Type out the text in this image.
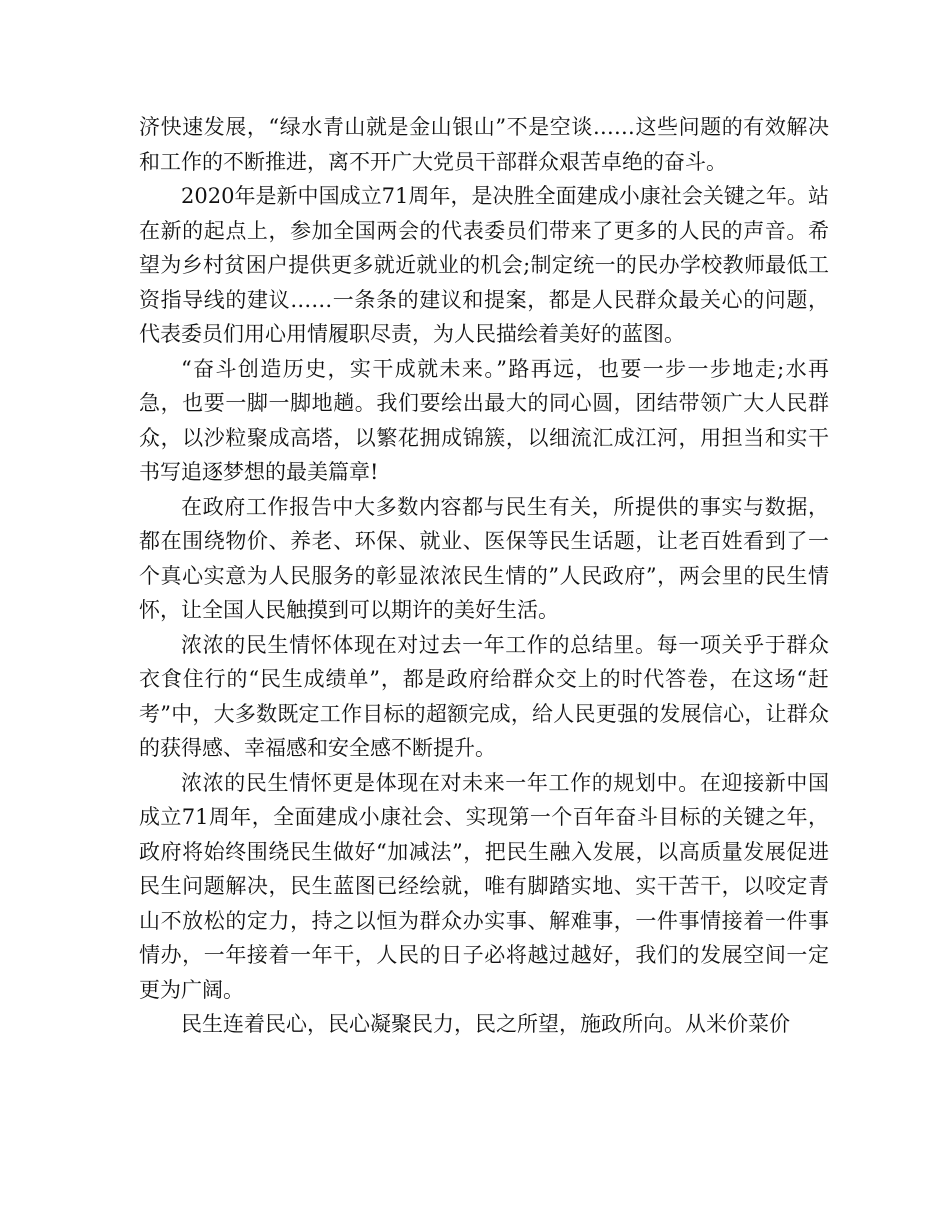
济快速发展，“绿水青山就是金山银山”不是空谈……这些问题的有效解决和工作的不断推进，离不开广大党员干部群众艰苦卓绝的奋斗。

2020年是新中国成立71周年，是决胜全面建成小康社会关键之年。站在新的起点上，参加全国两会的代表委员们带来了更多的人民的声音。希望为乡村贫困户提供更多就近就业的机会;制定统一的民办学校教师最低工资指导线的建议……一条条的建议和提案，都是人民群众最关心的问题，代表委员们用心用情履职尽责，为人民描绘着美好的蓝图。

“奋斗创造历史，实干成就未来。”路再远，也要一步一步地走;水再急，也要一脚一脚地趟。我们要绘出最大的同心圆，团结带领广大人民群众，以沙粒聚成高塔，以繁花拥成锦簇，以细流汇成江河，用担当和实干书写追逐梦想的最美篇章!

在政府工作报告中大多数内容都与民生有关，所提供的事实与数据，都在围绕物价、养老、环保、就业、医保等民生话题，让老百姓看到了一个真心实意为人民服务的彰显浓浓民生情的”人民政府”，两会里的民生情怀，让全国人民触摸到可以期许的美好生活。

浓浓的民生情怀体现在对过去一年工作的总结里。每一项关乎于群众衣食住行的“民生成绩单”，都是政府给群众交上的时代答卷，在这场“赶考”中，大多数既定工作目标的超额完成，给人民更强的发展信心，让群众的获得感、幸福感和安全感不断提升。

浓浓的民生情怀更是体现在对未来一年工作的规划中。在迎接新中国成立71周年，全面建成小康社会、实现第一个百年奋斗目标的关键之年，政府将始终围绕民生做好“加减法”，把民生融入发展，以高质量发展促进民生问题解决，民生蓝图已经绘就，唯有脚踏实地、实干苦干，以咬定青山不放松的定力，持之以恒为群众办实事、解难事，一件事情接着一件事情办，一年接着一年干，人民的日子必将越过越好，我们的发展空间一定更为广阔。

民生连着民心，民心凝聚民力，民之所望，施政所向。从米价菜价
